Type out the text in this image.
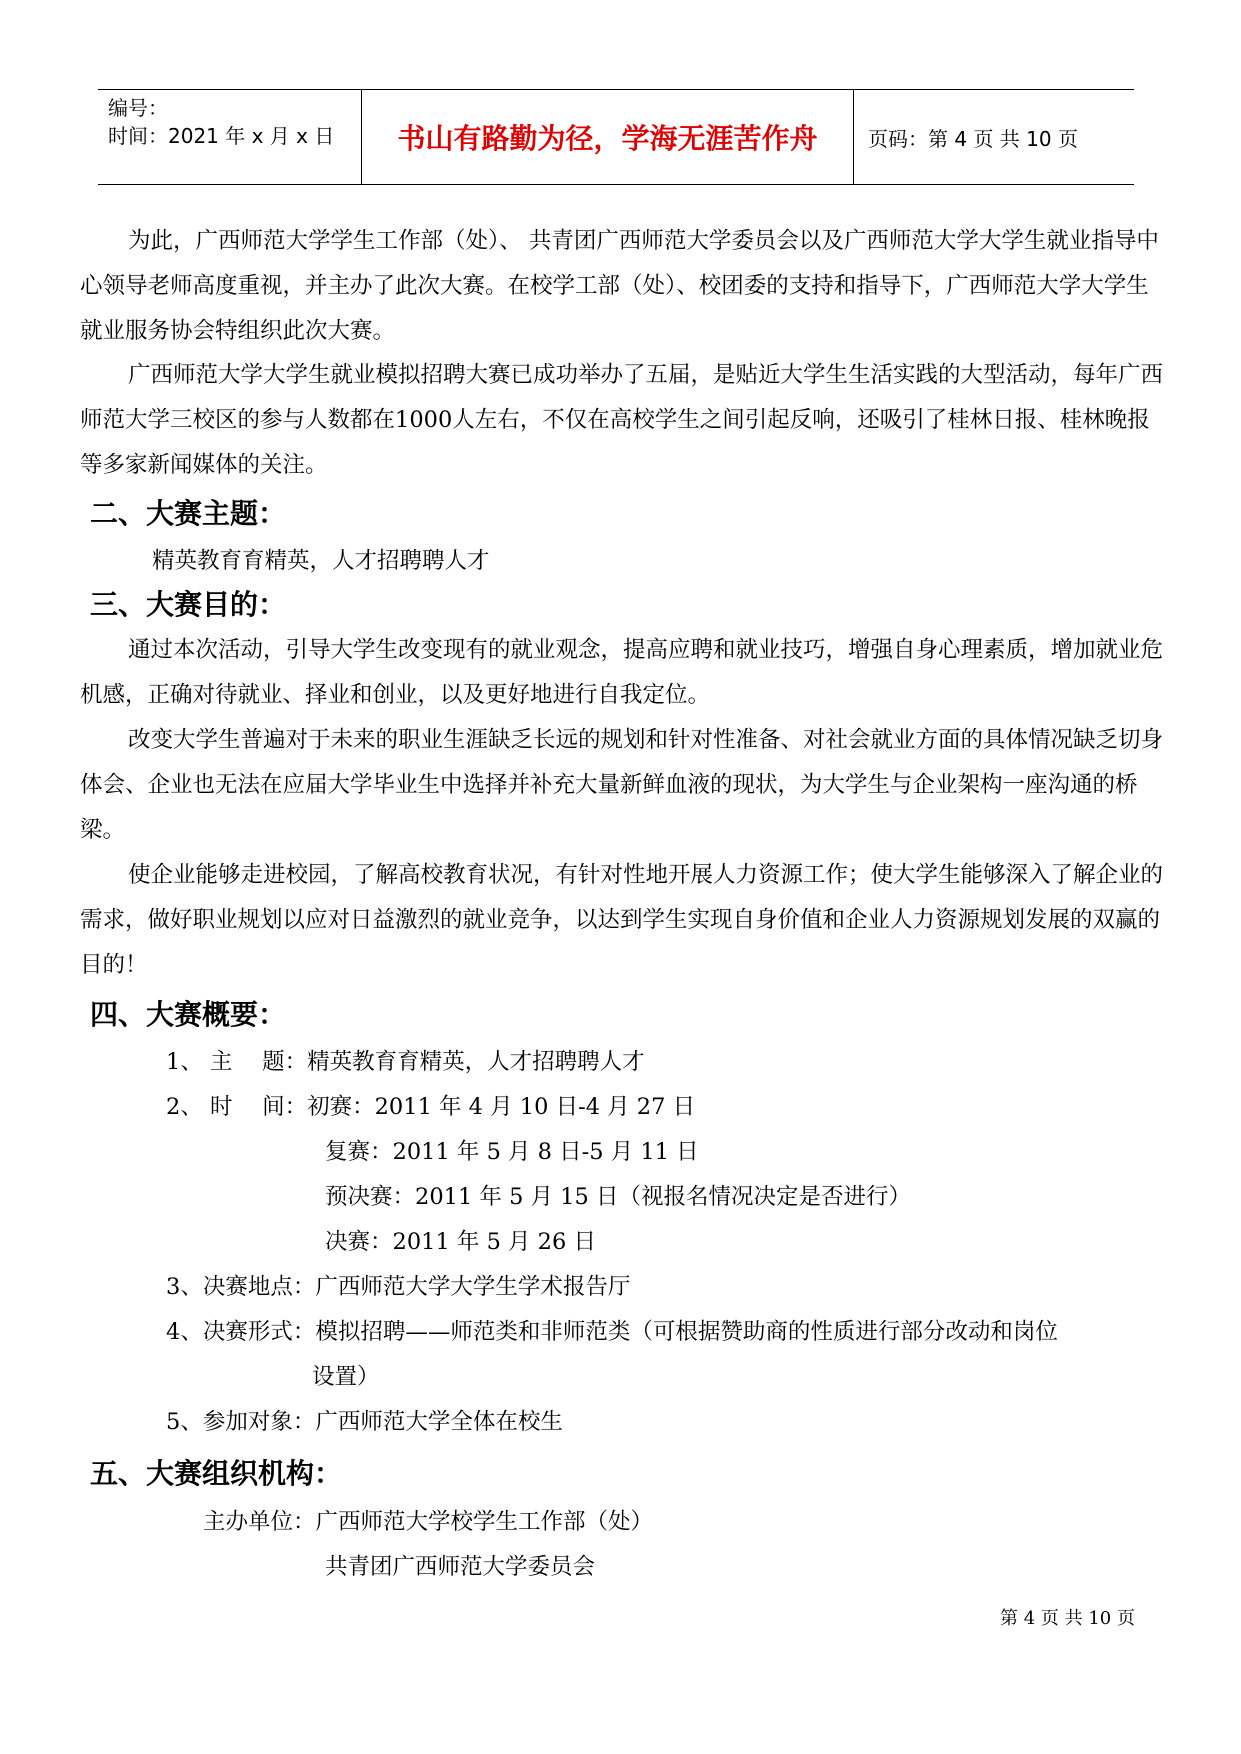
编号：
时间：2021 年 x 月 x 日	书山有路勤为径，学海无涯苦作舟	页码：第 4 页 共 10 页
为此，广西师范大学学生工作部（处）、 共青团广西师范大学委员会以及广西师范大学大学生就业指导中心领导老师高度重视，并主办了此次大赛。在校学工部（处）、校团委的支持和指导下，广西师范大学大学生就业服务协会特组织此次大赛。
广西师范大学大学生就业模拟招聘大赛已成功举办了五届，是贴近大学生生活实践的大型活动，每年广西师范大学三校区的参与人数都在1000人左右，不仅在高校学生之间引起反响，还吸引了桂林日报、桂林晚报等多家新闻媒体的关注。
二、大赛主题：
精英教育育精英，人才招聘聘人才
三、大赛目的：
通过本次活动，引导大学生改变现有的就业观念，提高应聘和就业技巧，增强自身心理素质，增加就业危机感，正确对待就业、择业和创业，以及更好地进行自我定位。
改变大学生普遍对于未来的职业生涯缺乏长远的规划和针对性准备、对社会就业方面的具体情况缺乏切身体会、企业也无法在应届大学毕业生中选择并补充大量新鲜血液的现状，为大学生与企业架构一座沟通的桥梁。
使企业能够走进校园，了解高校教育状况，有针对性地开展人力资源工作；使大学生能够深入了解企业的需求，做好职业规划以应对日益激烈的就业竞争，以达到学生实现自身价值和企业人力资源规划发展的双赢的目的！
四、大赛概要：
1、 主　 题：精英教育育精英，人才招聘聘人才
2、 时　 间：初赛：2011 年 4 月 10 日-4 月 27 日
复赛：2011 年 5 月 8 日-5 月 11 日
预决赛：2011 年 5 月 15 日（视报名情况决定是否进行）
决赛：2011 年 5 月 26 日
3、决赛地点：广西师范大学大学生学术报告厅
4、决赛形式：模拟招聘——师范类和非师范类（可根据赞助商的性质进行部分改动和岗位
设置）
5、参加对象：广西师范大学全体在校生
五、大赛组织机构：
主办单位：广西师范大学校学生工作部（处）
共青团广西师范大学委员会
第 4 页 共 10 页
